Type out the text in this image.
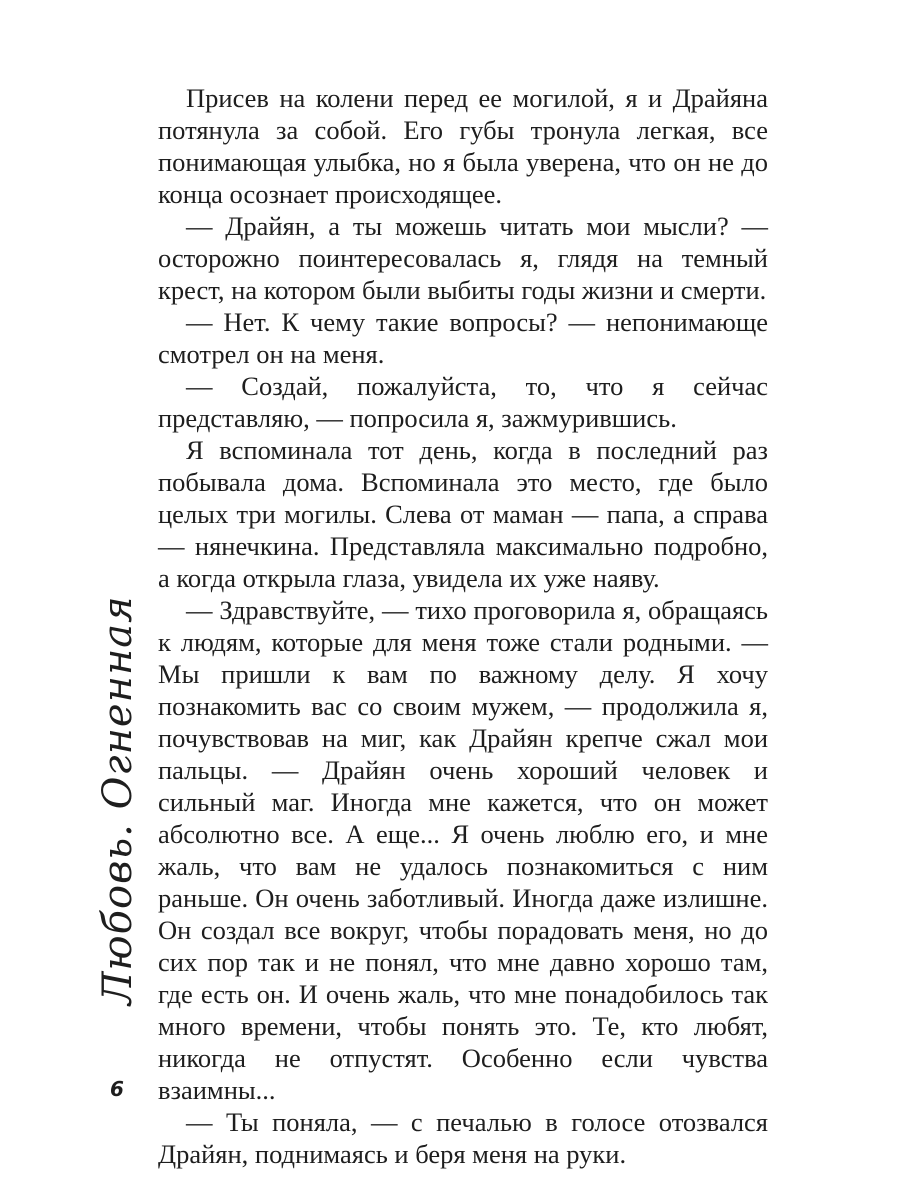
Присев на колени перед ее могилой, я и Драйяна потянула за собой. Его губы тронула легкая, все понимающая улыбка, но я была уверена, что он не до конца осознает происходящее.

— Драйян, а ты можешь читать мои мысли? — осторожно поинтересовалась я, глядя на темный крест, на котором были выбиты годы жизни и смерти.

— Нет. К чему такие вопросы? — непонимающе смотрел он на меня.

— Создай, пожалуйста, то, что я сейчас представляю, — попросила я, зажмурившись.

Я вспоминала тот день, когда в последний раз побывала дома. Вспоминала это место, где было целых три могилы. Слева от маман — папа, а справа — нянечкина. Представляла максимально подробно, а когда открыла глаза, увидела их уже наяву.

— Здравствуйте, — тихо проговорила я, обращаясь к людям, которые для меня тоже стали родными. — Мы пришли к вам по важному делу. Я хочу познакомить вас со своим мужем, — продолжила я, почувствовав на миг, как Драйян крепче сжал мои пальцы. — Драйян очень хороший человек и сильный маг. Иногда мне кажется, что он может абсолютно все. А еще... Я очень люблю его, и мне жаль, что вам не удалось познакомиться с ним раньше. Он очень заботливый. Иногда даже излишне. Он создал все вокруг, чтобы порадовать меня, но до сих пор так и не понял, что мне давно хорошо там, где есть он. И очень жаль, что мне понадобилось так много времени, чтобы понять это. Те, кто любят, никогда не отпустят. Особенно если чувства взаимны...

— Ты поняла, — с печалью в голосе отозвался Драйян, поднимаясь и беря меня на руки.

Любовь. Огненная
6
